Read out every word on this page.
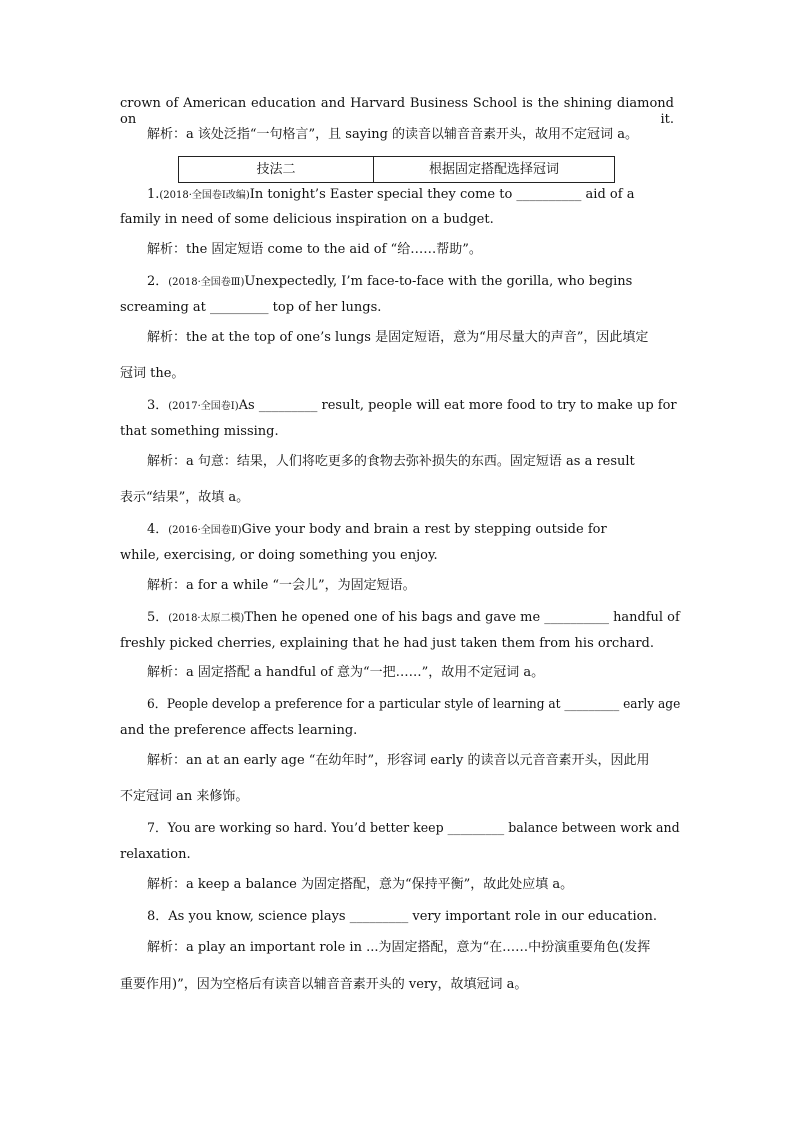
crown of American education and Harvard Business School is the shining diamond on it.
解析：a 该处泛指“一句格言”，且 saying 的读音以辅音音素开头，故用不定冠词 a。
技法二	根据固定搭配选择冠词
1.(2018·全国卷Ⅰ改编)In tonight’s Easter special they come to __________ aid of a
family in need of some delicious inspiration on a budget.
解析：the 固定短语 come to the aid of “给……帮助”。
2．(2018·全国卷Ⅲ)Unexpectedly, I’m face-to-face with the gorilla, who begins
screaming at _________ top of her lungs.
解析：the at the top of one’s lungs 是固定短语，意为“用尽量大的声音”，因此填定
冠词 the。
3．(2017·全国卷Ⅰ)As _________ result, people will eat more food to try to make up for
that something missing.
解析：a 句意：结果，人们将吃更多的食物去弥补损失的东西。固定短语 as a result
表示“结果”，故填 a。
4．(2016·全国卷Ⅱ)Give your body and brain a rest by stepping outside for
while, exercising, or doing something you enjoy.
解析：a for a while “一会儿”，为固定短语。
5．(2018·太原二模)Then he opened one of his bags and gave me __________ handful of
freshly picked cherries, explaining that he had just taken them from his orchard.
解析：a 固定搭配 a handful of 意为“一把……”，故用不定冠词 a。
6．People develop a preference for a particular style of learning at _________ early age
and the preference affects learning.
解析：an at an early age “在幼年时”，形容词 early 的读音以元音音素开头，因此用
不定冠词 an 来修饰。
7．You are working so hard. You’d better keep _________ balance between work and
relaxation.
解析：a keep a balance 为固定搭配，意为“保持平衡”，故此处应填 a。
8．As you know, science plays _________ very important role in our education.
解析：a play an important role in ...为固定搭配，意为“在……中扮演重要角色(发挥
重要作用)”，因为空格后有读音以辅音音素开头的 very，故填冠词 a。
